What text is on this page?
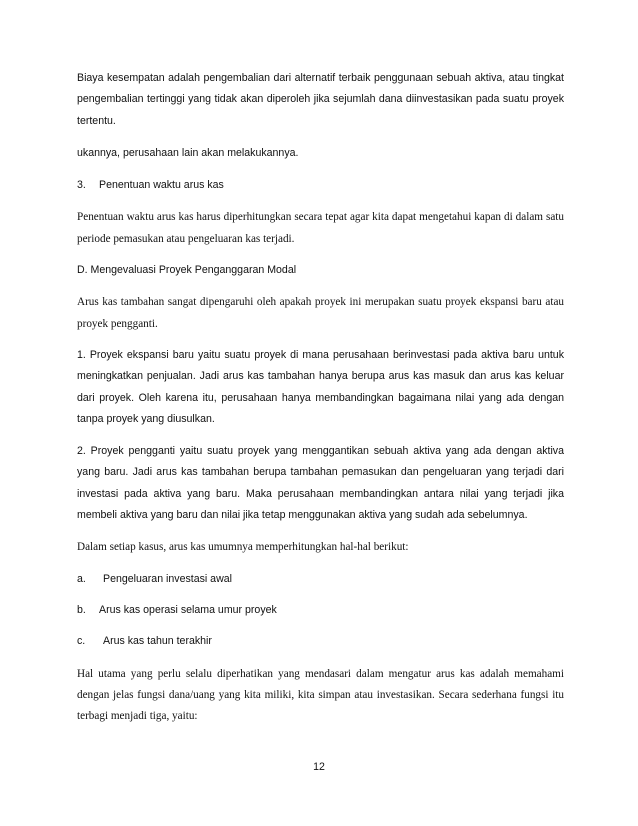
Biaya kesempatan adalah pengembalian dari alternatif terbaik penggunaan sebuah aktiva, atau tingkat pengembalian tertinggi yang tidak akan diperoleh jika sejumlah dana diinvestasikan pada suatu proyek tertentu.

ukannya, perusahaan lain akan melakukannya.

3.	Penentuan waktu arus kas

Penentuan waktu arus kas harus diperhitungkan secara tepat agar kita dapat mengetahui kapan di dalam satu periode pemasukan atau pengeluaran kas terjadi.

D. Mengevaluasi Proyek Penganggaran Modal

Arus kas tambahan sangat dipengaruhi oleh apakah proyek ini merupakan suatu proyek ekspansi baru atau proyek pengganti.

1. Proyek ekspansi baru yaitu suatu proyek di mana perusahaan berinvestasi pada aktiva baru untuk meningkatkan penjualan. Jadi arus kas tambahan hanya berupa arus kas masuk dan arus kas keluar dari proyek. Oleh karena itu, perusahaan hanya membandingkan bagaimana nilai yang ada dengan tanpa proyek yang diusulkan.

2. Proyek pengganti yaitu suatu proyek yang menggantikan sebuah aktiva yang ada dengan aktiva yang baru. Jadi arus kas tambahan berupa tambahan pemasukan dan pengeluaran yang terjadi dari investasi pada aktiva yang baru. Maka perusahaan membandingkan antara nilai yang terjadi jika membeli aktiva yang baru dan nilai jika tetap menggunakan aktiva yang sudah ada sebelumnya.

Dalam setiap kasus, arus kas umumnya memperhitungkan hal-hal berikut:

a.	Pengeluaran investasi awal
b.	Arus kas operasi selama umur proyek
c.	Arus kas tahun terakhir

Hal utama yang perlu selalu diperhatikan yang mendasari dalam mengatur arus kas adalah memahami dengan jelas fungsi dana/uang yang kita miliki, kita simpan atau investasikan. Secara sederhana fungsi itu terbagi menjadi tiga, yaitu:

12
